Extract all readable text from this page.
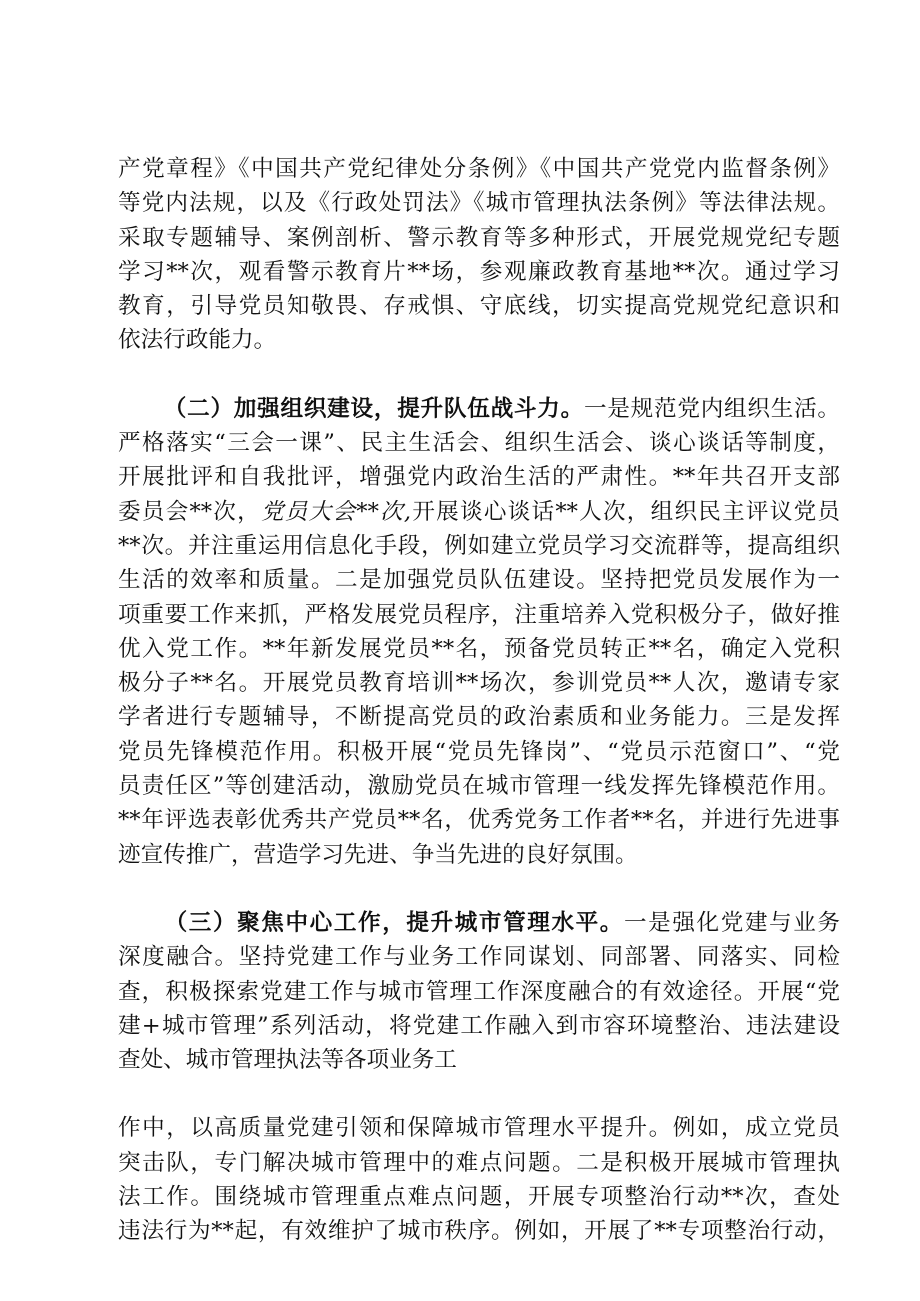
产党章程》《中国共产党纪律处分条例》《中国共产党党内监督条例》
等党内法规，以及《行政处罚法》《城市管理执法条例》等法律法规。
采取专题辅导、案例剖析、警示教育等多种形式，开展党规党纪专题
学习**次，观看警示教育片**场，参观廉政教育基地**次。通过学习
教育，引导党员知敬畏、存戒惧、守底线，切实提高党规党纪意识和
依法行政能力。
（二）加强组织建设，提升队伍战斗力。一是规范党内组织生活。
严格落实“三会一课”、民主生活会、组织生活会、谈心谈话等制度，
开展批评和自我批评，增强党内政治生活的严肃性。**年共召开支部
委员会**次，党员大会**次,开展谈心谈话**人次，组织民主评议党员
**次。并注重运用信息化手段，例如建立党员学习交流群等，提高组织
生活的效率和质量。二是加强党员队伍建设。坚持把党员发展作为一
项重要工作来抓，严格发展党员程序，注重培养入党积极分子，做好推
优入党工作。**年新发展党员**名，预备党员转正**名，确定入党积
极分子**名。开展党员教育培训**场次，参训党员**人次，邀请专家
学者进行专题辅导，不断提高党员的政治素质和业务能力。三是发挥
党员先锋模范作用。积极开展“党员先锋岗”、“党员示范窗口”、“党
员责任区”等创建活动，激励党员在城市管理一线发挥先锋模范作用。
**年评选表彰优秀共产党员**名，优秀党务工作者**名，并进行先进事
迹宣传推广，营造学习先进、争当先进的良好氛围。
（三）聚焦中心工作，提升城市管理水平。一是强化党建与业务
深度融合。坚持党建工作与业务工作同谋划、同部署、同落实、同检
查，积极探索党建工作与城市管理工作深度融合的有效途径。开展“党
建+城市管理”系列活动，将党建工作融入到市容环境整治、违法建设
查处、城市管理执法等各项业务工
作中，以高质量党建引领和保障城市管理水平提升。例如，成立党员
突击队，专门解决城市管理中的难点问题。二是积极开展城市管理执
法工作。围绕城市管理重点难点问题，开展专项整治行动**次，查处
违法行为**起，有效维护了城市秩序。例如，开展了**专项整治行动，
